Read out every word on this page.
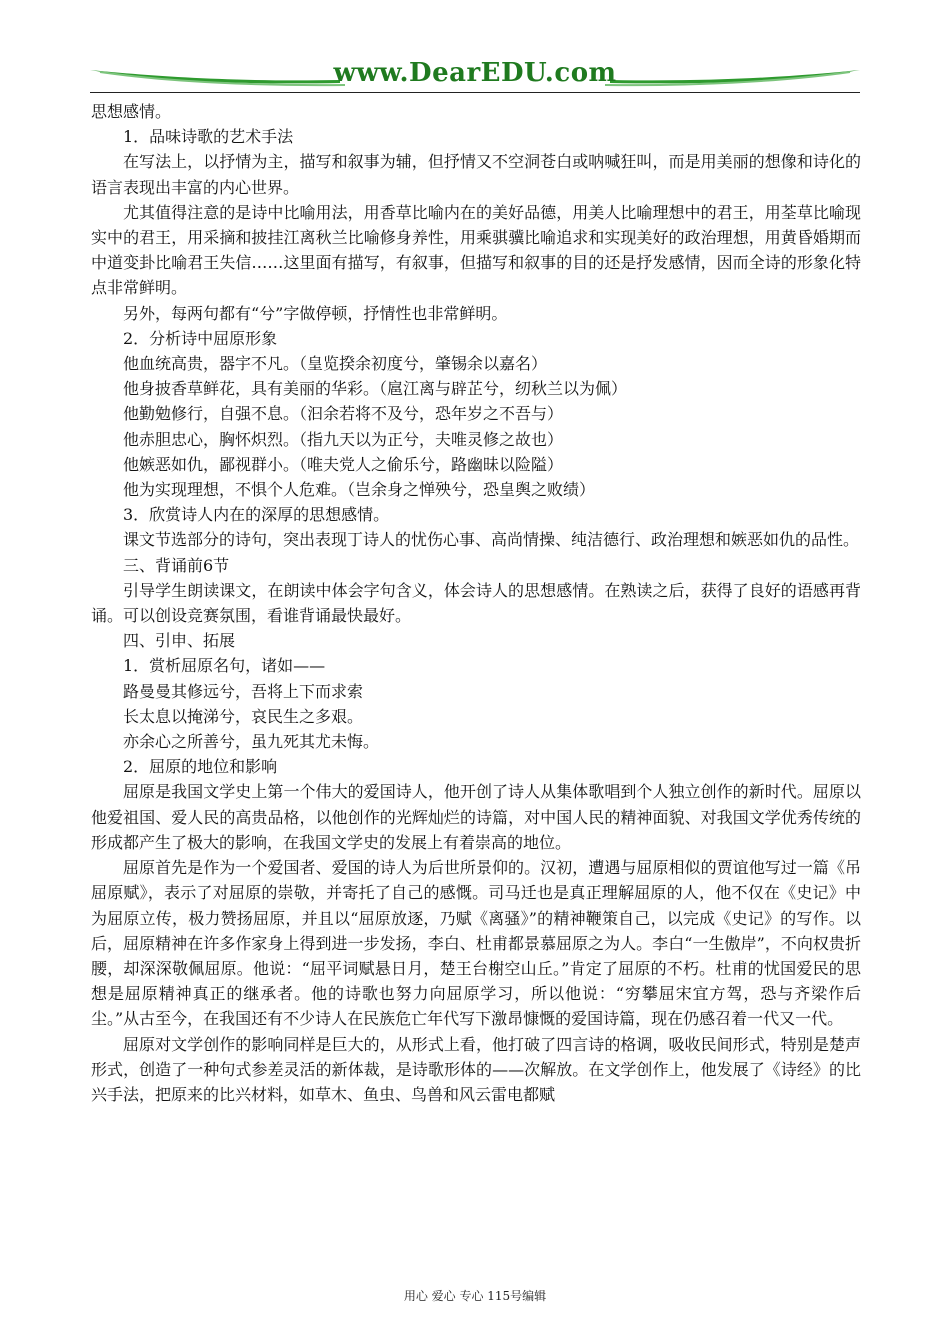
www.DearEDU.com

思想感情。

1．品味诗歌的艺术手法

在写法上，以抒情为主，描写和叙事为辅，但抒情又不空洞苍白或呐喊狂叫，而是用美丽的想像和诗化的语言表现出丰富的内心世界。

尤其值得注意的是诗中比喻用法，用香草比喻内在的美好品德，用美人比喻理想中的君王，用荃草比喻现实中的君王，用采摘和披挂江离秋兰比喻修身养性，用乘骐骥比喻追求和实现美好的政治理想，用黄昏婚期而中道变卦比喻君王失信……这里面有描写，有叙事，但描写和叙事的目的还是抒发感情，因而全诗的形象化特点非常鲜明。

另外，每两句都有“兮”字做停顿，抒情性也非常鲜明。

2．分析诗中屈原形象

他血统高贵，器宇不凡。（皇览揆余初度兮，肇锡余以嘉名）

他身披香草鲜花，具有美丽的华彩。（扈江离与辟芷兮，纫秋兰以为佩）

他勤勉修行，自强不息。（汩余若将不及兮，恐年岁之不吾与）

他赤胆忠心，胸怀炽烈。（指九天以为正兮，夫唯灵修之故也）

他嫉恶如仇，鄙视群小。（唯夫党人之偷乐兮，路幽昧以险隘）

他为实现理想，不惧个人危难。（岂余身之惮殃兮，恐皇舆之败绩）

3．欣赏诗人内在的深厚的思想感情。

课文节选部分的诗句，突出表现丁诗人的忧伤心事、高尚情操、纯洁德行、政治理想和嫉恶如仇的品性。

三、背诵前6节

引导学生朗读课文，在朗读中体会字句含义，体会诗人的思想感情。在熟读之后，获得了良好的语感再背诵。可以创设竞赛氛围，看谁背诵最快最好。

四、引申、拓展

1．赏析屈原名句，诸如——

路曼曼其修远兮，吾将上下而求索

长太息以掩涕兮，哀民生之多艰。

亦余心之所善兮，虽九死其尤未悔。

2．屈原的地位和影响

屈原是我国文学史上第一个伟大的爱国诗人，他开创了诗人从集体歌唱到个人独立创作的新时代。屈原以他爱祖国、爱人民的高贵品格，以他创作的光辉灿烂的诗篇，对中国人民的精神面貌、对我国文学优秀传统的形成都产生了极大的影响，在我国文学史的发展上有着崇高的地位。

屈原首先是作为一个爱国者、爱国的诗人为后世所景仰的。汉初，遭遇与屈原相似的贾谊他写过一篇《吊屈原赋》，表示了对屈原的崇敬，并寄托了自己的感慨。司马迁也是真正理解屈原的人，他不仅在《史记》中为屈原立传，极力赞扬屈原，并且以“屈原放逐，乃赋《离骚》”的精神鞭策自己，以完成《史记》的写作。以后，屈原精神在许多作家身上得到进一步发扬，李白、杜甫都景慕屈原之为人。李白“一生傲岸”，不向权贵折腰，却深深敬佩屈原。他说：“屈平词赋悬日月，楚王台榭空山丘。”肯定了屈原的不朽。杜甫的忧国爱民的思想是屈原精神真正的继承者。他的诗歌也努力向屈原学习，所以他说：“穷攀屈宋宜方驾，恐与齐梁作后尘。”从古至今，在我国还有不少诗人在民族危亡年代写下激昂慷慨的爱国诗篇，现在仍感召着一代又一代。

屈原对文学创作的影响同样是巨大的，从形式上看，他打破了四言诗的格调，吸收民间形式，特别是楚声形式，创造了一种句式参差灵活的新体裁，是诗歌形体的——次解放。在文学创作上，他发展了《诗经》的比兴手法，把原来的比兴材料，如草木、鱼虫、鸟兽和风云雷电都赋

用心 爱心 专心 115号编辑
